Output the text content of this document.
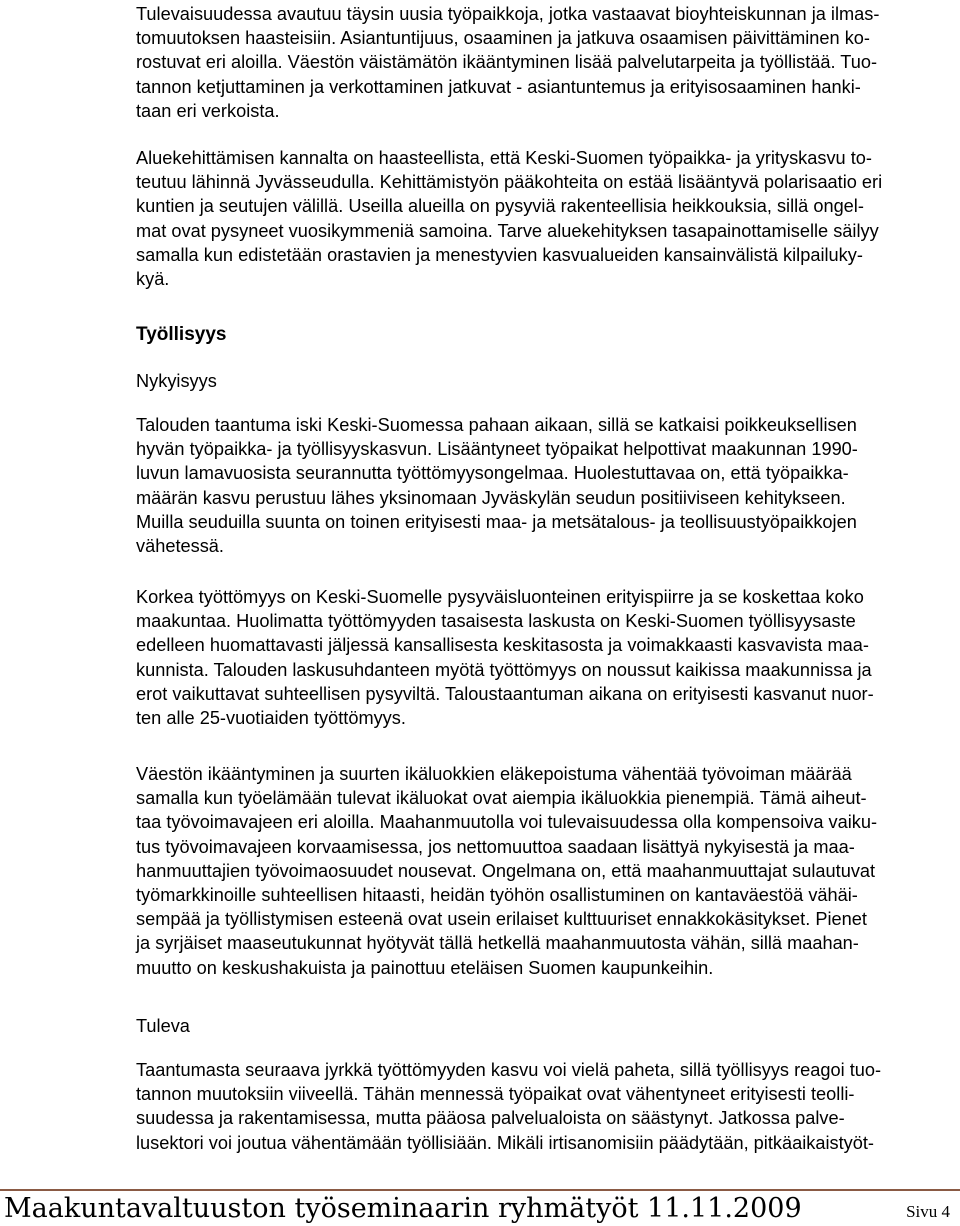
Tulevaisuudessa avautuu täysin uusia työpaikkoja, jotka vastaavat bioyhteiskunnan ja ilmas-
tomuutoksen haasteisiin. Asiantuntijuus, osaaminen ja jatkuva osaamisen päivittäminen ko-
rostuvat eri aloilla. Väestön väistämätön ikääntyminen lisää palvelutarpeita ja työllistää. Tuo-
tannon ketjuttaminen ja verkottaminen jatkuvat - asiantuntemus ja erityisosaaminen hanki-
taan eri verkoista.

Aluekehittämisen kannalta on haasteellista, että Keski-Suomen työpaikka- ja yrityskasvu to-
teutuu lähinnä Jyvässeudulla. Kehittämistyön pääkohteita on estää lisääntyvä polarisaatio eri
kuntien ja seutujen välillä. Useilla alueilla on pysyviä rakenteellisia heikkouksia, sillä ongel-
mat ovat pysyneet vuosikymmeniä samoina. Tarve aluekehityksen tasapainottamiselle säilyy
samalla kun edistetään orastavien ja menestyvien kasvualueiden kansainvälistä kilpailuky-
kyä.

Työllisyys

Nykyisyys

Talouden taantuma iski Keski-Suomessa pahaan aikaan, sillä se katkaisi poikkeuksellisen
hyvän työpaikka- ja työllisyyskasvun. Lisääntyneet työpaikat helpottivat maakunnan 1990-
luvun lamavuosista seurannutta työttömyysongelmaa. Huolestuttavaa on, että työpaikka-
määrän kasvu perustuu lähes yksinomaan Jyväskylän seudun positiiviseen kehitykseen.
Muilla seuduilla suunta on toinen erityisesti maa- ja metsätalous- ja teollisuustyöpaikkojen
vähetessä.

Korkea työttömyys on Keski-Suomelle pysyväisluonteinen erityispiirre ja se koskettaa koko
maakuntaa. Huolimatta työttömyyden tasaisesta laskusta on Keski-Suomen työllisyysaste
edelleen huomattavasti jäljessä kansallisesta keskitasosta ja voimakkaasti kasvavista maa-
kunnista. Talouden laskusuhdanteen myötä työttömyys on noussut kaikissa maakunnissa ja
erot vaikuttavat suhteellisen pysyviltä. Taloustaantuman aikana on erityisesti kasvanut nuor-
ten alle 25-vuotiaiden työttömyys.

Väestön ikääntyminen ja suurten ikäluokkien eläkepoistuma vähentää työvoiman määrää
samalla kun työelämään tulevat ikäluokat ovat aiempia ikäluokkia pienempiä. Tämä aiheut-
taa työvoimavajeen eri aloilla. Maahanmuutolla voi tulevaisuudessa olla kompensoiva vaiku-
tus työvoimavajeen korvaamisessa, jos nettomuuttoa saadaan lisättyä nykyisestä ja maa-
hanmuuttajien työvoimaosuudet nousevat. Ongelmana on, että maahanmuuttajat sulautuvat
työmarkkinoille suhteellisen hitaasti, heidän työhön osallistuminen on kantaväestöä vähäi-
sempää ja työllistymisen esteenä ovat usein erilaiset kulttuuriset ennakkokäsitykset. Pienet
ja syrjäiset maaseutukunnat hyötyvät tällä hetkellä maahanmuutosta vähän, sillä maahan-
muutto on keskushakuista ja painottuu eteläisen Suomen kaupunkeihin.

Tuleva

Taantumasta seuraava jyrkkä työttömyyden kasvu voi vielä paheta, sillä työllisyys reagoi tuo-
tannon muutoksiin viiveellä. Tähän mennessä työpaikat ovat vähentyneet erityisesti teolli-
suudessa ja rakentamisessa, mutta pääosa palvelualoista on säästynyt. Jatkossa palve-
lusektori voi joutua vähentämään työllisiään. Mikäli irtisanomisiin päädytään, pitkäaikaistyöt-

Maakuntavaltuuston työseminaarin ryhmätyöt 11.11.2009	Sivu 4
